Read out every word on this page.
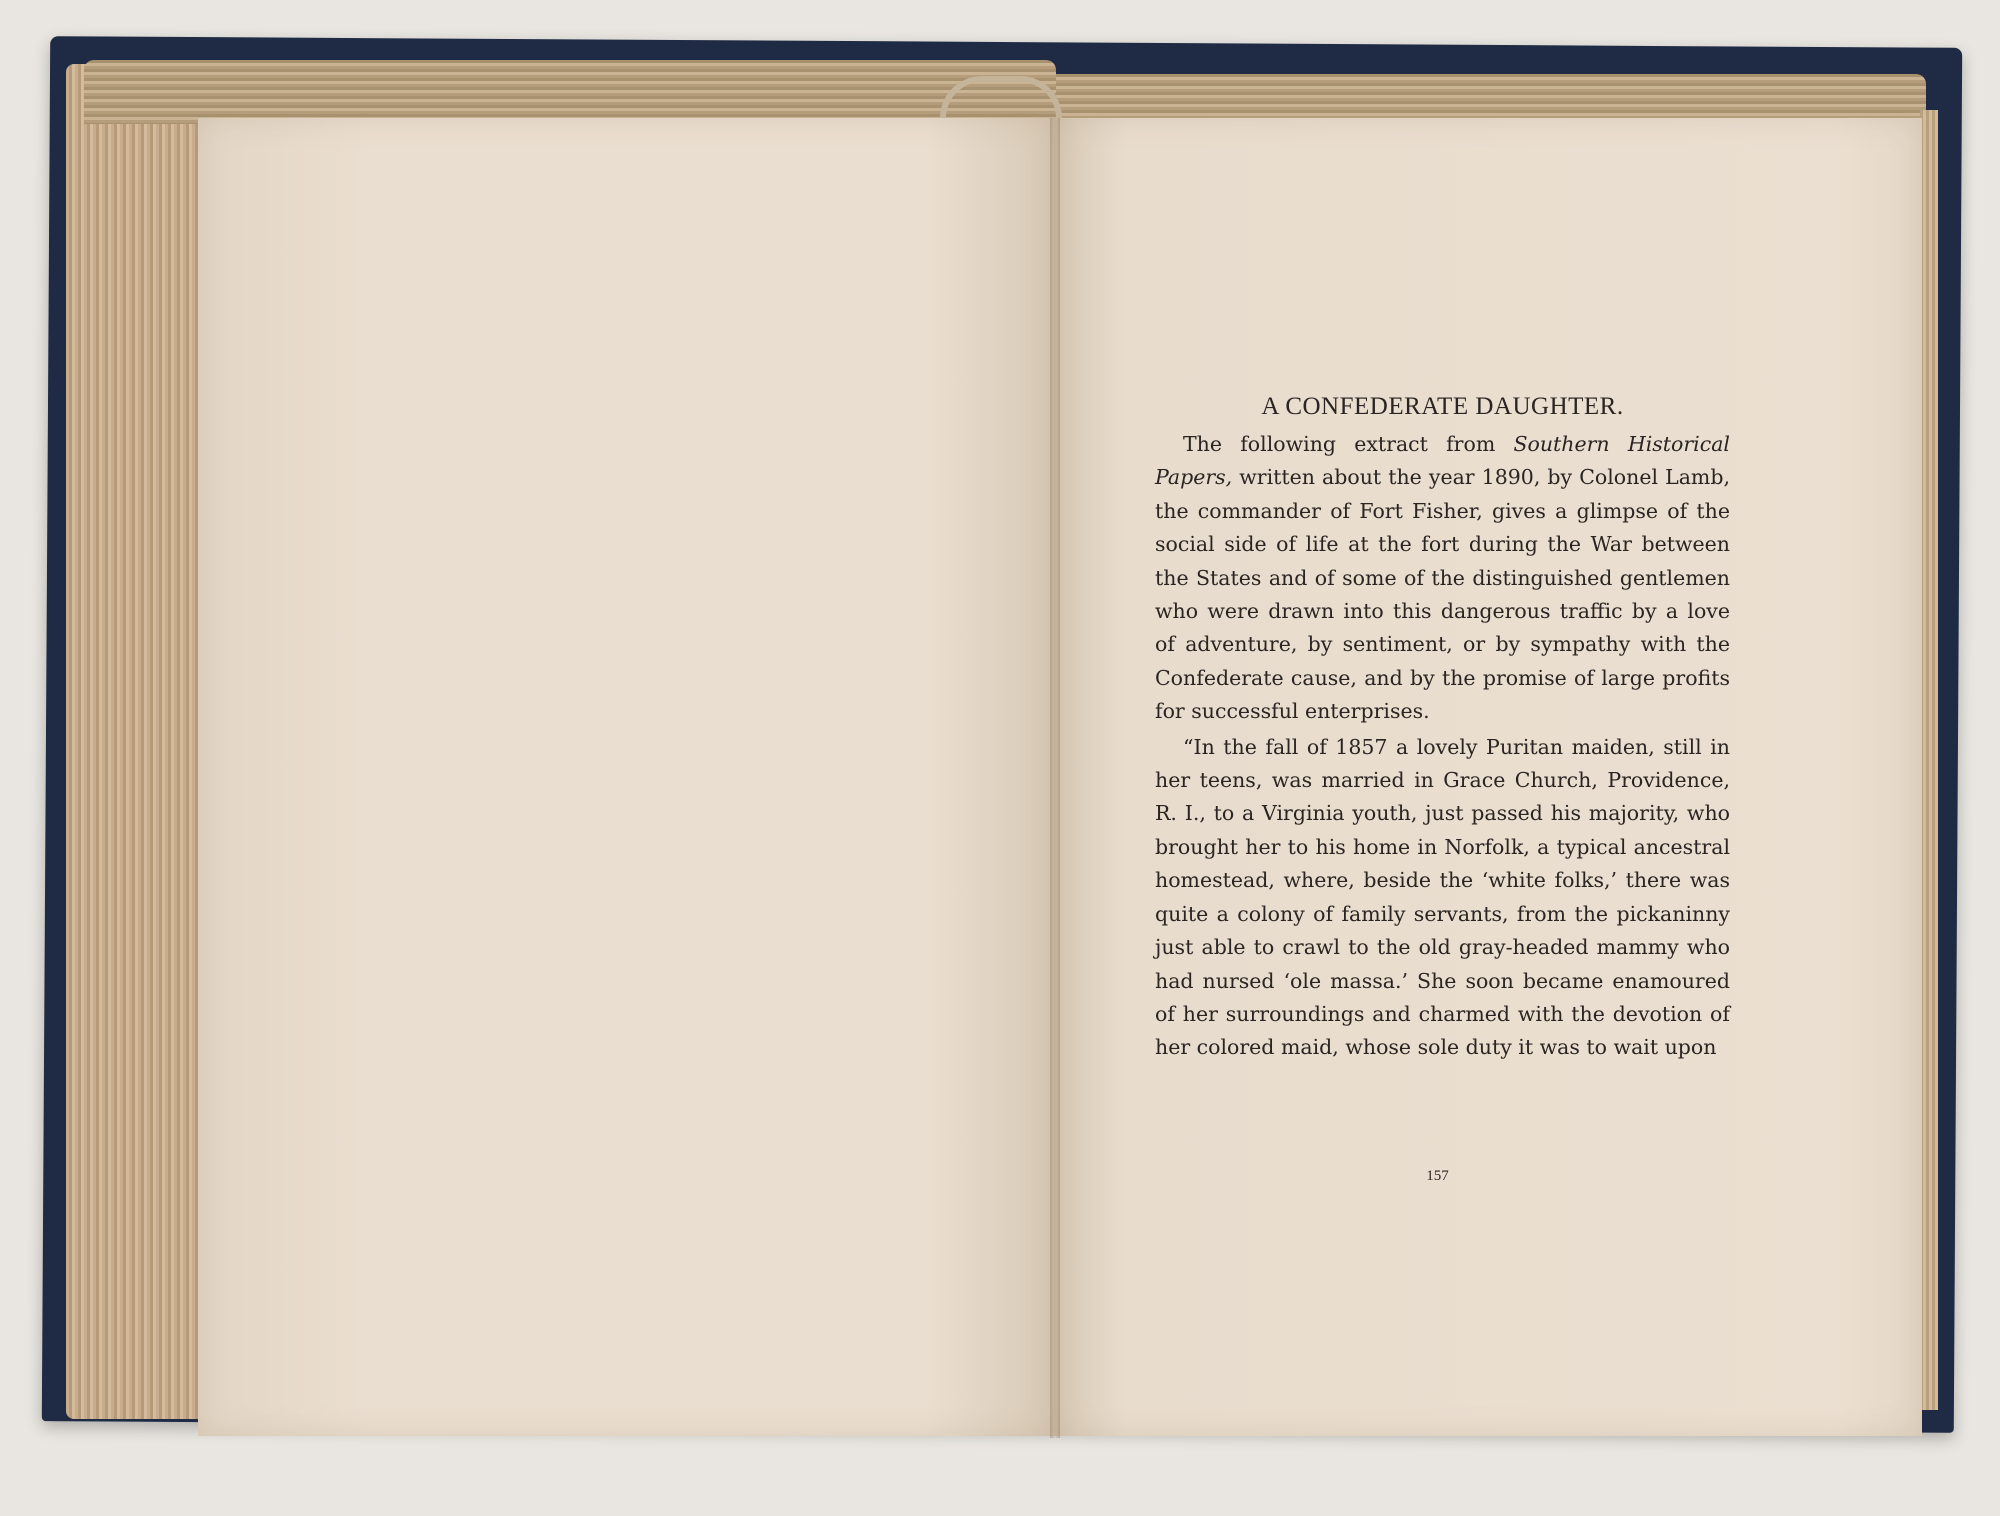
A CONFEDERATE DAUGHTER.

The following extract from Southern Historical Papers, written about the year 1890, by Colonel Lamb, the commander of Fort Fisher, gives a glimpse of the social side of life at the fort during the War between the States and of some of the distinguished gentlemen who were drawn into this dangerous traffic by a love of adventure, by sentiment, or by sympathy with the Confederate cause, and by the promise of large profits for successful enterprises.

“In the fall of 1857 a lovely Puritan maiden, still in her teens, was married in Grace Church, Providence, R. I., to a Virginia youth, just passed his majority, who brought her to his home in Norfolk, a typical ancestral homestead, where, beside the ‘white folks,’ there was quite a colony of family servants, from the pickaninny just able to crawl to the old gray-headed mammy who had nursed ‘ole massa.’ She soon became enamoured of her surroundings and charmed with the devotion of her colored maid, whose sole duty it was to wait upon

157
